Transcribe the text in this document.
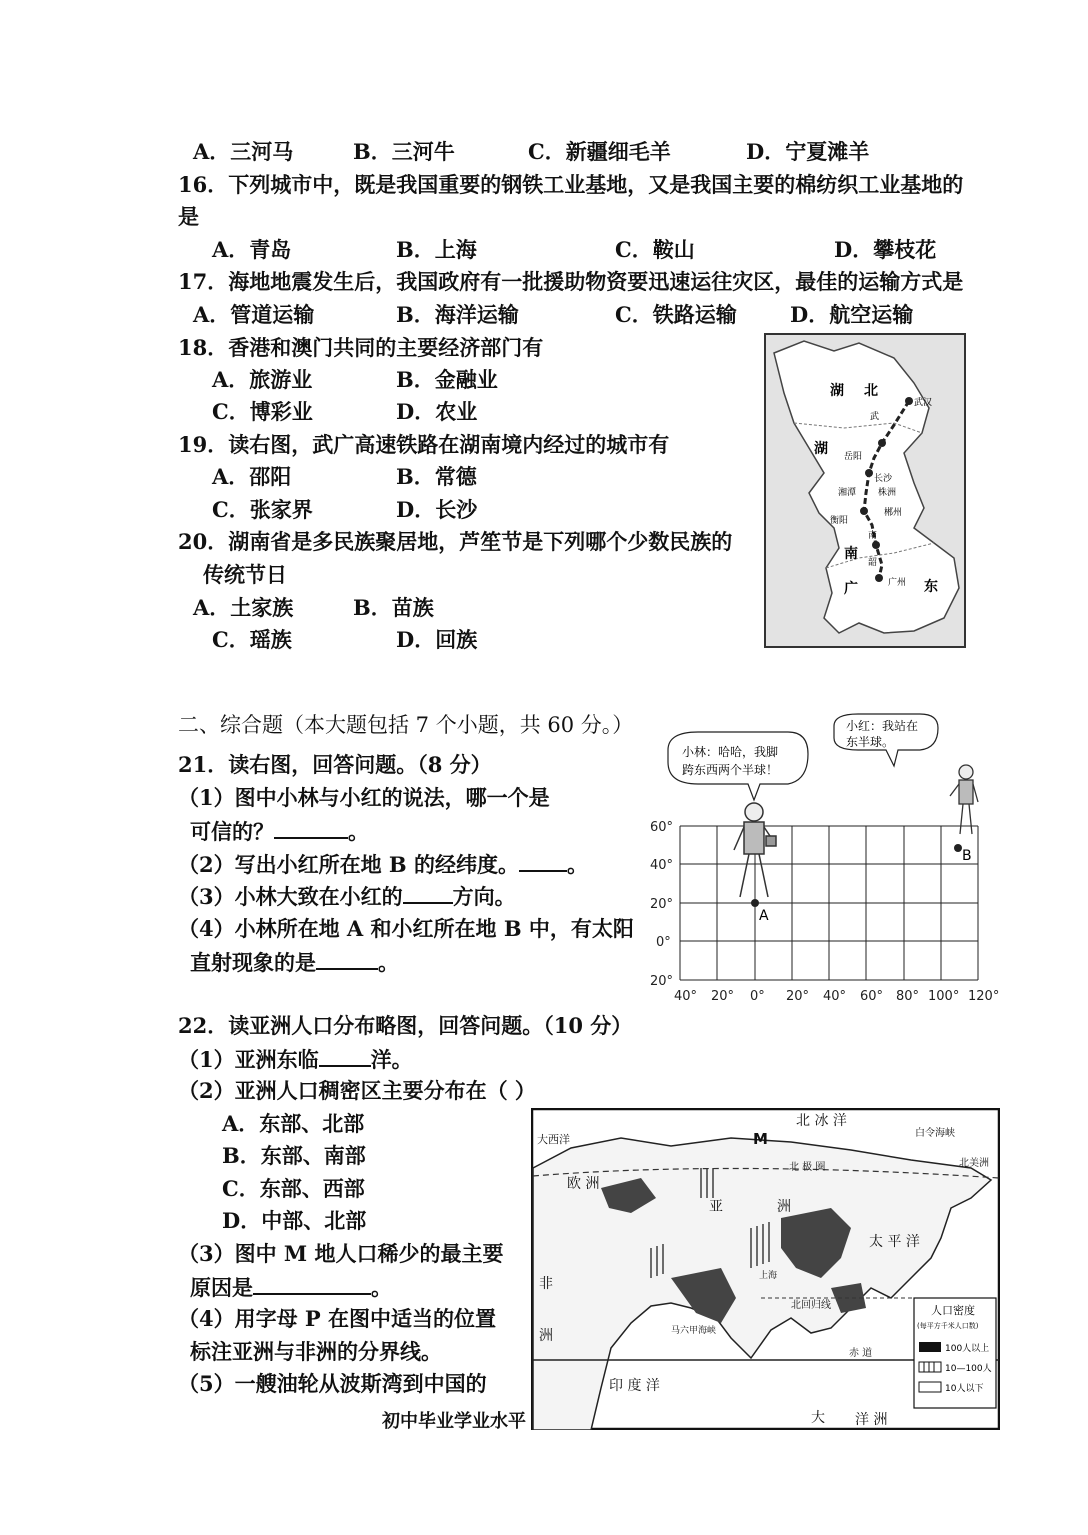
A．三河马	B．三河牛	C．新疆细毛羊	D．宁夏滩羊
16．下列城市中，既是我国重要的钢铁工业基地，又是我国主要的棉纺织工业基地的
是
A．青岛	B．上海	C．鞍山	D．攀枝花
17．海地地震发生后，我国政府有一批援助物资要迅速运往灾区，最佳的运输方式是
A．管道运输	B．海洋运输	C．铁路运输	D．航空运输
18．香港和澳门共同的主要经济部门有
A．旅游业	B．金融业
C．博彩业	D．农业
19．读右图，武广高速铁路在湖南境内经过的城市有
A．邵阳	B．常德
C．张家界	D．长沙
20．湖南省是多民族聚居地，芦笙节是下列哪个少数民族的
传统节日
A．土家族	B．苗族
C．瑶族	D．回族
湖 北
武汉
岳阳
湖
长沙
株洲
湘潭
衡阳
郴州
南
广	东
广州
武
南
韶
二、综合题（本大题包括 7 个小题，共 60 分。）
21．读右图，回答问题。（8 分）
（1）图中小林与小红的说法，哪一个是
可信的？	。
（2）写出小红所在地 B 的经纬度。 。
（3）小林大致在小红的 方向。
（4）小林所在地 A 和小红所在地 B 中，有太阳
直射现象的是	。
60°
40°
20°
0°
20°
40° 20° 0° 20° 40° 60° 80° 100° 120°
小林：哈哈，我脚
跨东西两个半球！
小红：我站在
东半球。
A
B
22．读亚洲人口分布略图，回答问题。（10 分）
（1）亚洲东临 洋。
（2）亚洲人口稠密区主要分布在（ ）
A．东部、北部
B．东部、南部
C．东部、西部
D．中部、北部
（3）图中 M 地人口稀少的最主要
原因是	。
（4）用字母 P 在图中适当的位置
标注亚洲与非洲的分界线。
（5）一艘油轮从波斯湾到中国的
北 冰 洋
大西洋	M	白令海峡
北 极 圈	北美洲
欧 洲
亚	洲
太 平 洋
非
洲
上海
北回归线
马六甲海峡
赤 道
印 度 洋
大 洋 洲
人口密度
(每平方千米人口数)
100人以上
10—100人
10人以下
初中毕业学业水平
